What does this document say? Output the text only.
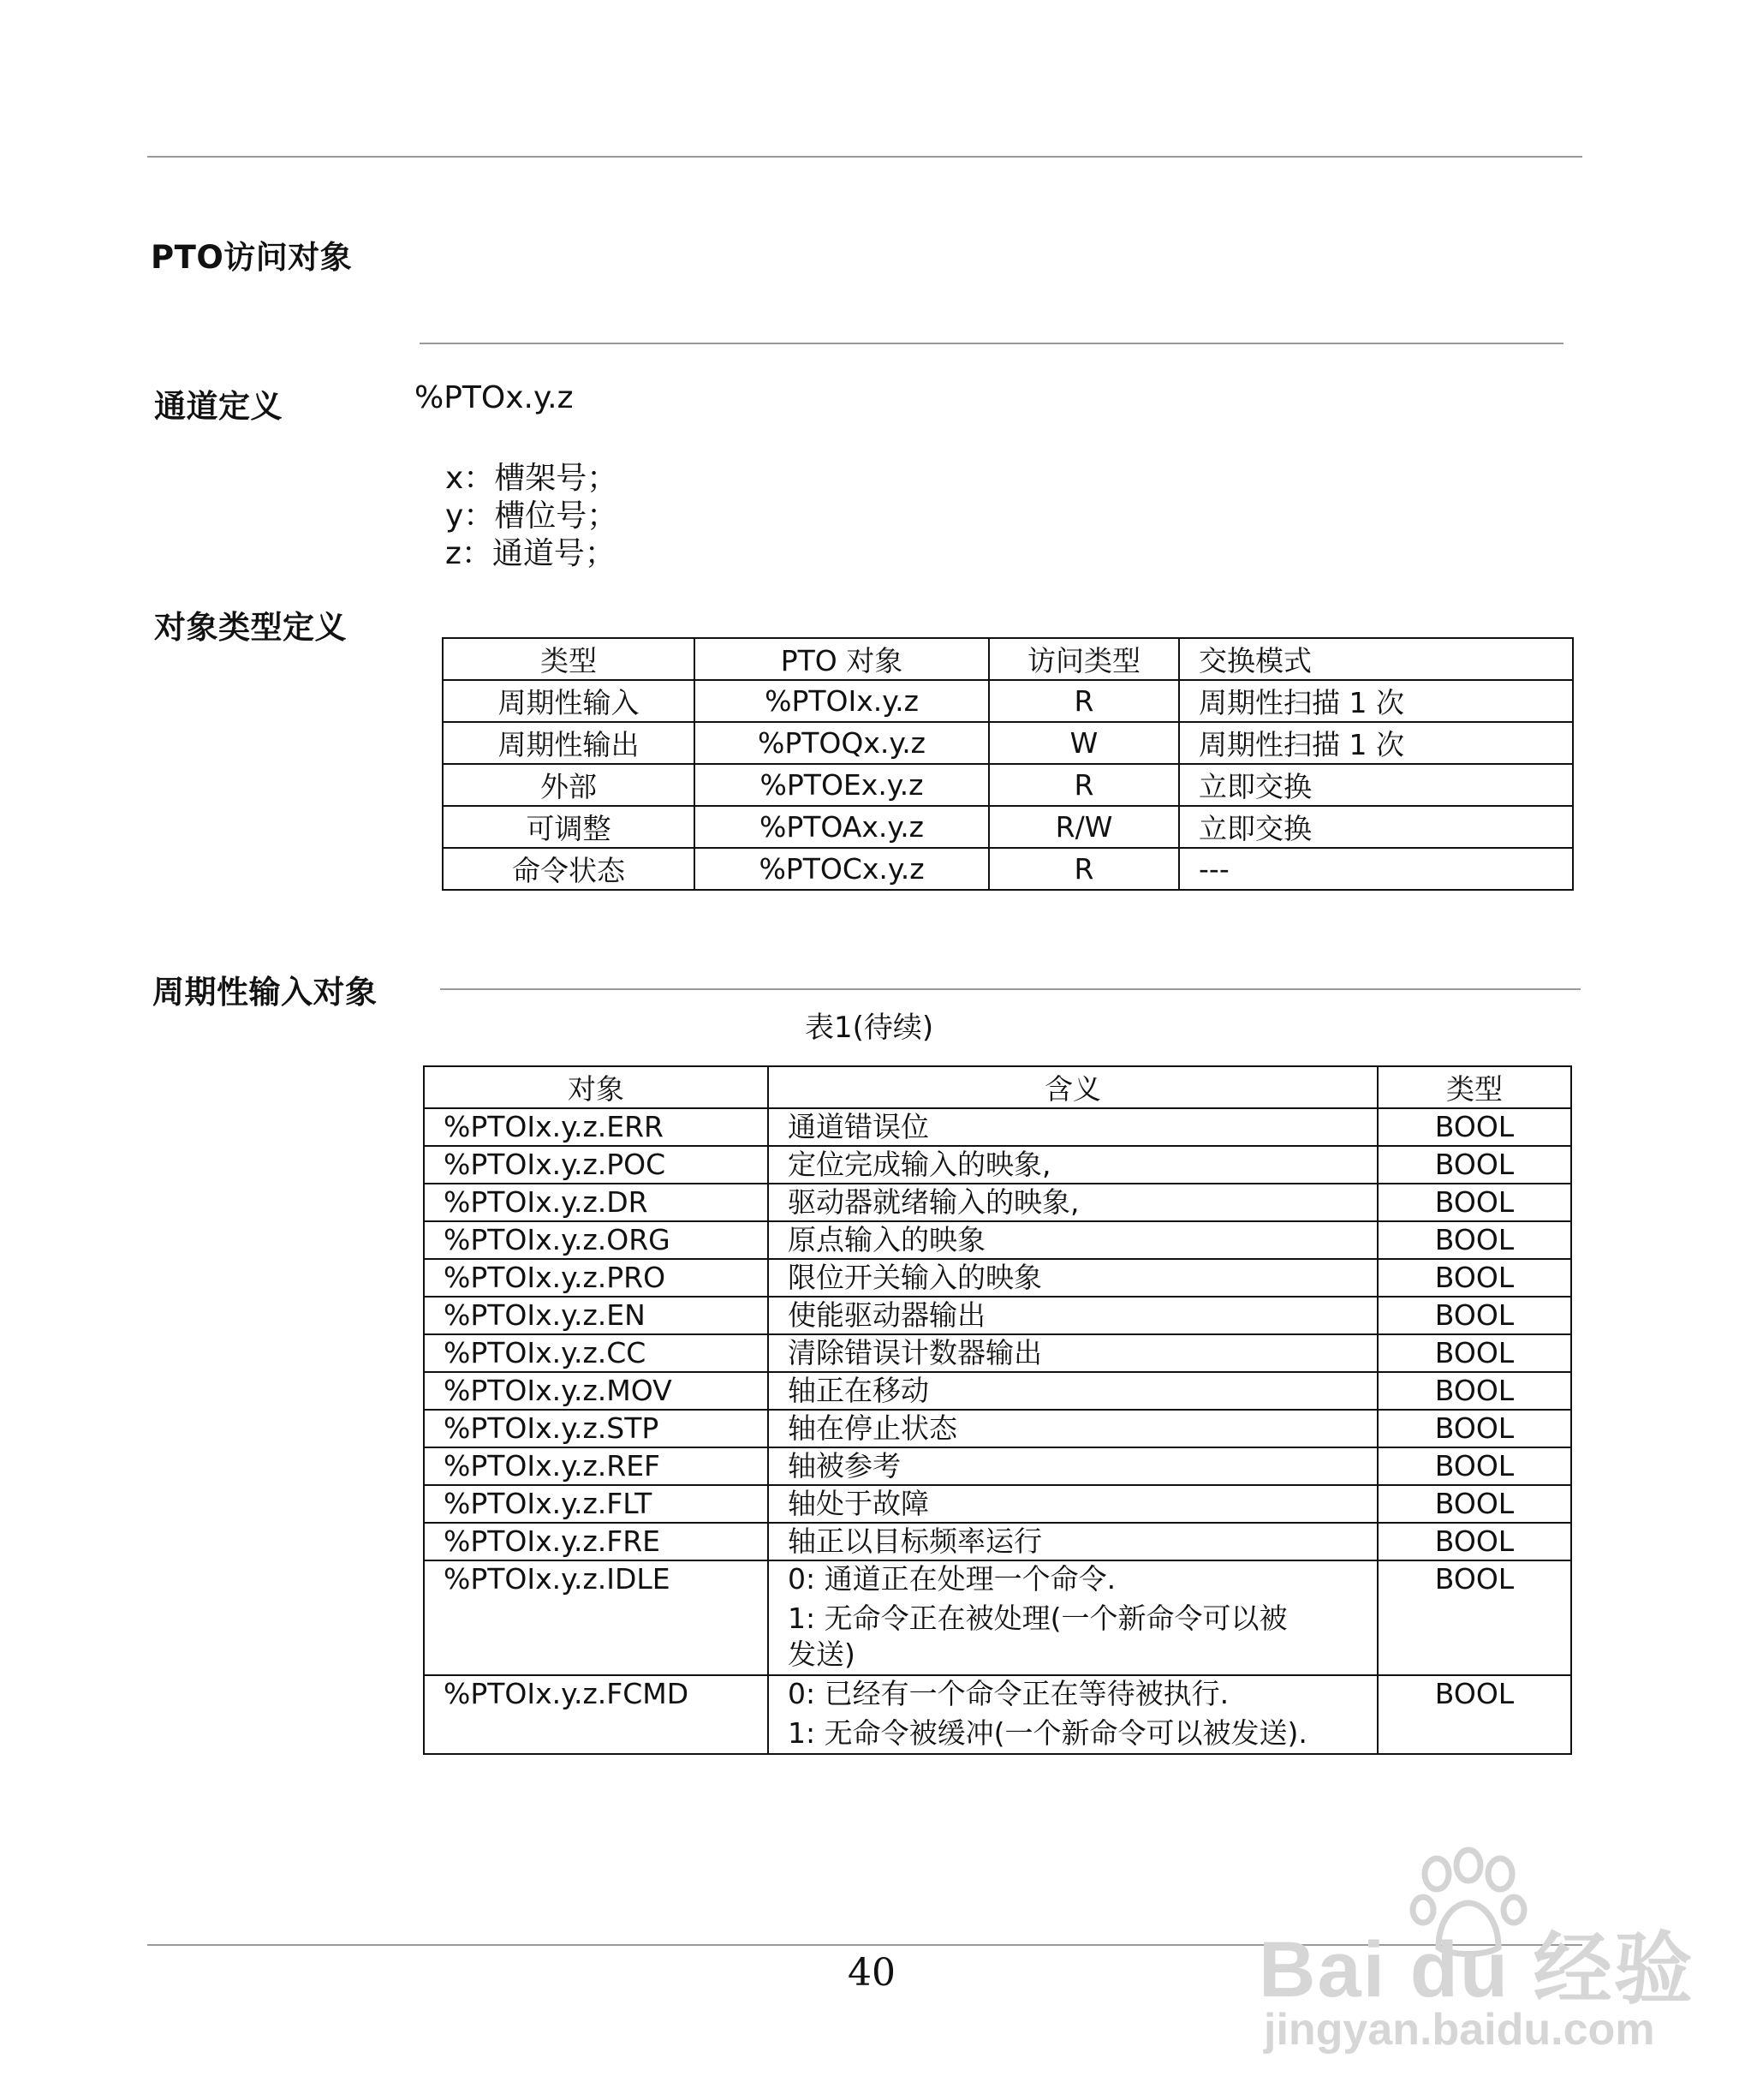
PTO访问对象
通道定义	%PTOx.y.z
x：槽架号；
y：槽位号；
z：通道号；
对象类型定义
类型	PTO 对象	访问类型	交换模式
周期性输入	%PTOIx.y.z	R	周期性扫描 1 次
周期性输出	%PTOQx.y.z	W	周期性扫描 1 次
外部	%PTOEx.y.z	R	立即交换
可调整	%PTOAx.y.z	R/W	立即交换
命令状态	%PTOCx.y.z	R	---
周期性输入对象
表1(待续)
对象	含义	类型
%PTOIx.y.z.ERR	通道错误位	BOOL
%PTOIx.y.z.POC	定位完成输入的映象,	BOOL
%PTOIx.y.z.DR	驱动器就绪输入的映象,	BOOL
%PTOIx.y.z.ORG	原点输入的映象	BOOL
%PTOIx.y.z.PRO	限位开关输入的映象	BOOL
%PTOIx.y.z.EN	使能驱动器输出	BOOL
%PTOIx.y.z.CC	清除错误计数器输出	BOOL
%PTOIx.y.z.MOV	轴正在移动	BOOL
%PTOIx.y.z.STP	轴在停止状态	BOOL
%PTOIx.y.z.REF	轴被参考	BOOL
%PTOIx.y.z.FLT	轴处于故障	BOOL
%PTOIx.y.z.FRE	轴正以目标频率运行	BOOL
%PTOIx.y.z.IDLE	0: 通道正在处理一个命令.
1: 无命令正在被处理(一个新命令可以被
发送)	BOOL
%PTOIx.y.z.FCMD	0: 已经有一个命令正在等待被执行.
1: 无命令被缓冲(一个新命令可以被发送).	BOOL
40	Bai du 经验
jingyan.baidu.com
